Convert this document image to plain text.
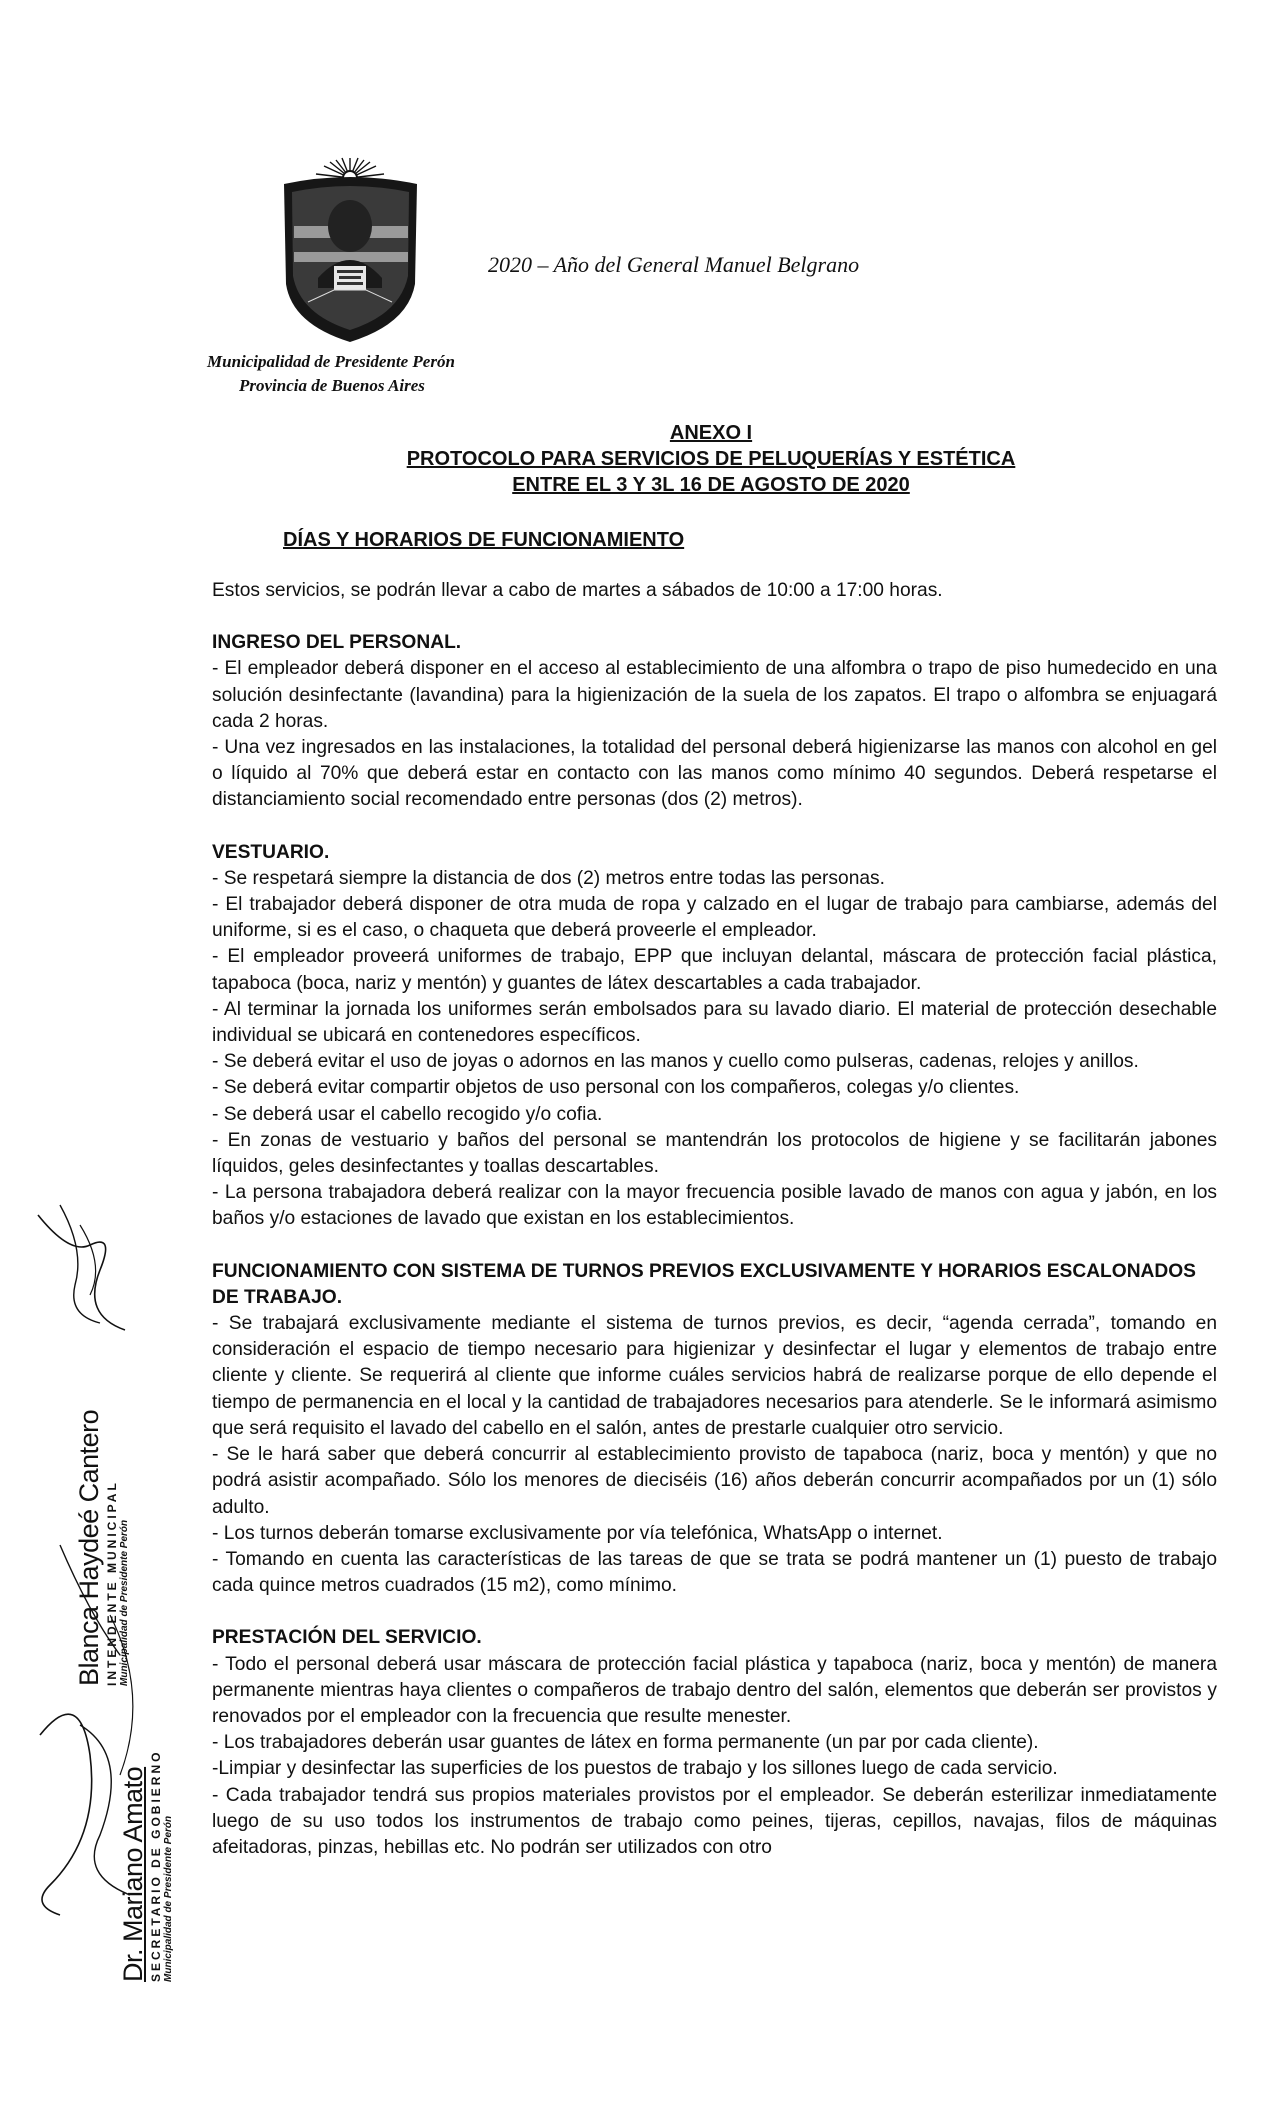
2020 – Año del General Manuel Belgrano
Municipalidad de Presidente Perón
Provincia de Buenos Aires
ANEXO I
PROTOCOLO PARA SERVICIOS DE PELUQUERÍAS Y ESTÉTICA
ENTRE EL 3 Y 3L 16 DE AGOSTO DE 2020
DÍAS Y HORARIOS DE FUNCIONAMIENTO

Estos servicios, se podrán llevar a cabo de martes a sábados de 10:00 a 17:00 horas.

INGRESO DEL PERSONAL.

- El empleador deberá disponer en el acceso al establecimiento de una alfombra o trapo de piso humedecido en una solución desinfectante (lavandina) para la higienización de la suela de los zapatos. El trapo o alfombra se enjuagará cada 2 horas.

- Una vez ingresados en las instalaciones, la totalidad del personal deberá higienizarse las manos con alcohol en gel o líquido al 70% que deberá estar en contacto con las manos como mínimo 40 segundos. Deberá respetarse el distanciamiento social recomendado entre personas (dos (2) metros).

VESTUARIO.

- Se respetará siempre la distancia de dos (2) metros entre todas las personas.

- El trabajador deberá disponer de otra muda de ropa y calzado en el lugar de trabajo para cambiarse, además del uniforme, si es el caso, o chaqueta que deberá proveerle el empleador.

- El empleador proveerá uniformes de trabajo, EPP que incluyan delantal, máscara de protección facial plástica, tapaboca (boca, nariz y mentón) y guantes de látex descartables a cada trabajador.

- Al terminar la jornada los uniformes serán embolsados para su lavado diario. El material de protección desechable individual se ubicará en contenedores específicos.

- Se deberá evitar el uso de joyas o adornos en las manos y cuello como pulseras, cadenas, relojes y anillos.

- Se deberá evitar compartir objetos de uso personal con los compañeros, colegas y/o clientes.

- Se deberá usar el cabello recogido y/o cofia.

- En zonas de vestuario y baños del personal se mantendrán los protocolos de higiene y se facilitarán jabones líquidos, geles desinfectantes y toallas descartables.

- La persona trabajadora deberá realizar con la mayor frecuencia posible lavado de manos con agua y jabón, en los baños y/o estaciones de lavado que existan en los establecimientos.

FUNCIONAMIENTO CON SISTEMA DE TURNOS PREVIOS EXCLUSIVAMENTE Y HORARIOS ESCALONADOS DE TRABAJO.

- Se trabajará exclusivamente mediante el sistema de turnos previos, es decir, “agenda cerrada”, tomando en consideración el espacio de tiempo necesario para higienizar y desinfectar el lugar y elementos de trabajo entre cliente y cliente. Se requerirá al cliente que informe cuáles servicios habrá de realizarse porque de ello depende el tiempo de permanencia en el local y la cantidad de trabajadores necesarios para atenderle. Se le informará asimismo que será requisito el lavado del cabello en el salón, antes de prestarle cualquier otro servicio.

- Se le hará saber que deberá concurrir al establecimiento provisto de tapaboca (nariz, boca y mentón) y que no podrá asistir acompañado. Sólo los menores de dieciséis (16) años deberán concurrir acompañados por un (1) sólo adulto.

- Los turnos deberán tomarse exclusivamente por vía telefónica, WhatsApp o internet.

- Tomando en cuenta las características de las tareas de que se trata se podrá mantener un (1) puesto de trabajo cada quince metros cuadrados (15 m2), como mínimo.

PRESTACIÓN DEL SERVICIO.

- Todo el personal deberá usar máscara de protección facial plástica y tapaboca (nariz, boca y mentón) de manera permanente mientras haya clientes o compañeros de trabajo dentro del salón, elementos que deberán ser provistos y renovados por el empleador con la frecuencia que resulte menester.

- Los trabajadores deberán usar guantes de látex en forma permanente (un par por cada cliente).

-Limpiar y desinfectar las superficies de los puestos de trabajo y los sillones luego de cada servicio.

- Cada trabajador tendrá sus propios materiales provistos por el empleador. Se deberán esterilizar inmediatamente luego de su uso todos los instrumentos de trabajo como peines, tijeras, cepillos, navajas, filos de máquinas afeitadoras, pinzas, hebillas etc. No podrán ser utilizados con otro

Blanca Haydeé Cantero INTENDENTE MUNICIPAL Municipalidad de Presidente Perón
Dr. Mariano Amato SECRETARIO DE GOBIERNO Municipalidad de Presidente Perón
